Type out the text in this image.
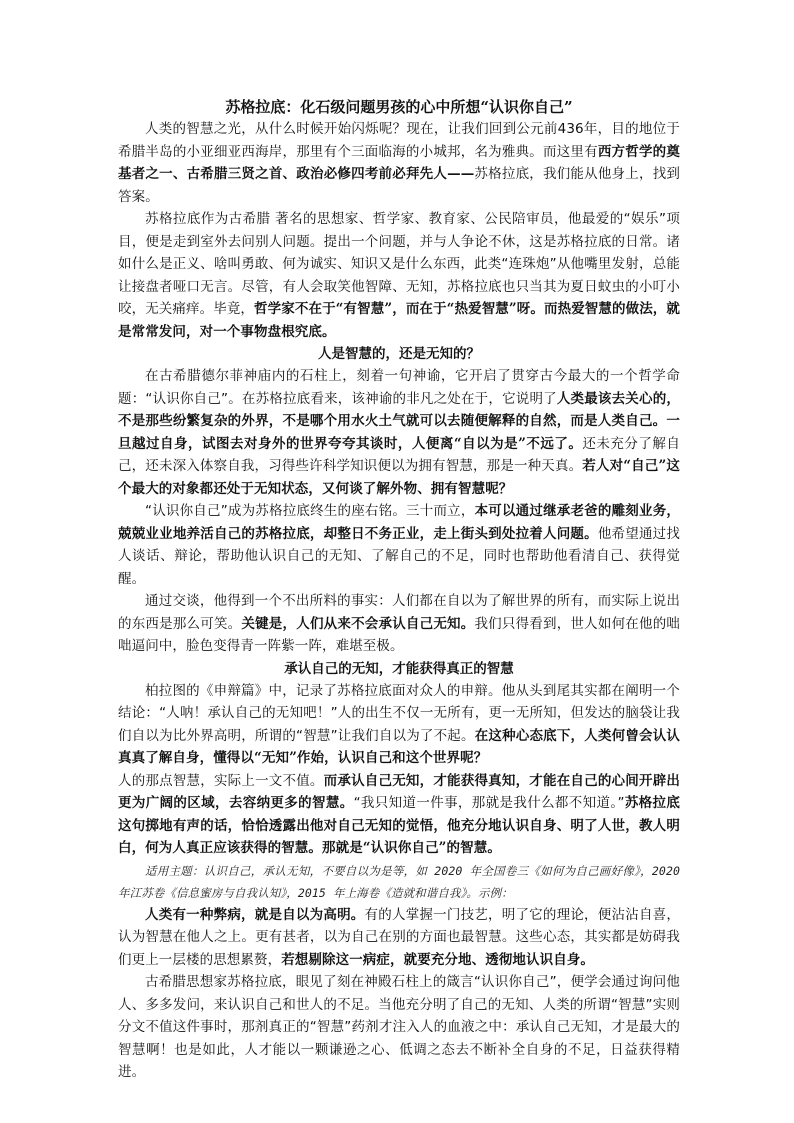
苏格拉底：化石级问题男孩的心中所想“认识你自己”

人类的智慧之光，从什么时候开始闪烁呢？现在，让我们回到公元前436年，目的地位于希腊半岛的小亚细亚西海岸，那里有个三面临海的小城邦，名为雅典。而这里有西方哲学的奠基者之一、古希腊三贤之首、政治必修四考前必拜先人——苏格拉底，我们能从他身上，找到答案。

苏格拉底作为古希腊 著名的思想家、哲学家、教育家、公民陪审员，他最爱的“娱乐”项目，便是走到室外去问别人问题。提出一个问题，并与人争论不休，这是苏格拉底的日常。诸如什么是正义、啥叫勇敢、何为诚实、知识又是什么东西，此类“连珠炮”从他嘴里发射，总能让接盘者哑口无言。尽管，有人会取笑他智障、无知，苏格拉底也只当其为夏日蚊虫的小叮小咬，无关痛痒。毕竟，哲学家不在于“有智慧”，而在于“热爱智慧”呀。而热爱智慧的做法，就是常常发问，对一个事物盘根究底。

人是智慧的，还是无知的？

在古希腊德尔菲神庙内的石柱上，刻着一句神谕，它开启了贯穿古今最大的一个哲学命题：“认识你自己”。在苏格拉底看来，该神谕的非凡之处在于，它说明了人类最该去关心的，不是那些纷繁复杂的外界，不是哪个用水火土气就可以去随便解释的自然，而是人类自己。一旦越过自身，试图去对身外的世界夸夸其谈时，人便离“自以为是”不远了。还未充分了解自己，还未深入体察自我，习得些许科学知识便以为拥有智慧，那是一种天真。若人对“自己”这个最大的对象都还处于无知状态，又何谈了解外物、拥有智慧呢？

“认识你自己”成为苏格拉底终生的座右铭。三十而立，本可以通过继承老爸的雕刻业务，兢兢业业地养活自己的苏格拉底，却整日不务正业，走上街头到处拉着人问题。他希望通过找人谈话、辩论，帮助他认识自己的无知、了解自己的不足，同时也帮助他看清自己、获得觉醒。

通过交谈，他得到一个不出所料的事实：人们都在自以为了解世界的所有，而实际上说出的东西是那么可笑。关键是，人们从来不会承认自己无知。我们只得看到，世人如何在他的咄咄逼问中，脸色变得青一阵紫一阵，难堪至极。

承认自己的无知，才能获得真正的智慧

柏拉图的《申辩篇》中，记录了苏格拉底面对众人的申辩。他从头到尾其实都在阐明一个结论：“人呐！承认自己的无知吧！”人的出生不仅一无所有，更一无所知，但发达的脑袋让我们自以为比外界高明，所谓的“智慧”让我们自以为了不起。在这种心态底下，人类何曾会认认真真了解自身，懂得以“无知”作始，认识自己和这个世界呢？

人的那点智慧，实际上一文不值。而承认自己无知，才能获得真知，才能在自己的心间开辟出更为广阔的区域，去容纳更多的智慧。“我只知道一件事，那就是我什么都不知道。”苏格拉底这句掷地有声的话，恰恰透露出他对自己无知的觉悟，他充分地认识自身、明了人世，教人明白，何为人真正应该获得的智慧。那就是“认识你自己”的智慧。

适用主题：认识自己，承认无知，不要自以为是等，如 2020 年全国卷三《如何为自己画好像》，2020 年江苏卷《信息蜜房与自我认知》，2015 年上海卷《造就和谐自我》。示例：

人类有一种弊病，就是自以为高明。有的人掌握一门技艺，明了它的理论，便沾沾自喜，认为智慧在他人之上。更有甚者，以为自己在别的方面也最智慧。这些心态，其实都是妨碍我们更上一层楼的思想累赘，若想剔除这一病症，就要充分地、透彻地认识自身。

古希腊思想家苏格拉底，眼见了刻在神殿石柱上的箴言“认识你自己”，便学会通过询问他人、多多发问，来认识自己和世人的不足。当他充分明了自己的无知、人类的所谓“智慧”实则分文不值这件事时，那剂真正的“智慧”药剂才注入人的血液之中：承认自己无知，才是最大的智慧啊！也是如此，人才能以一颗谦逊之心、低调之态去不断补全自身的不足，日益获得精进。
